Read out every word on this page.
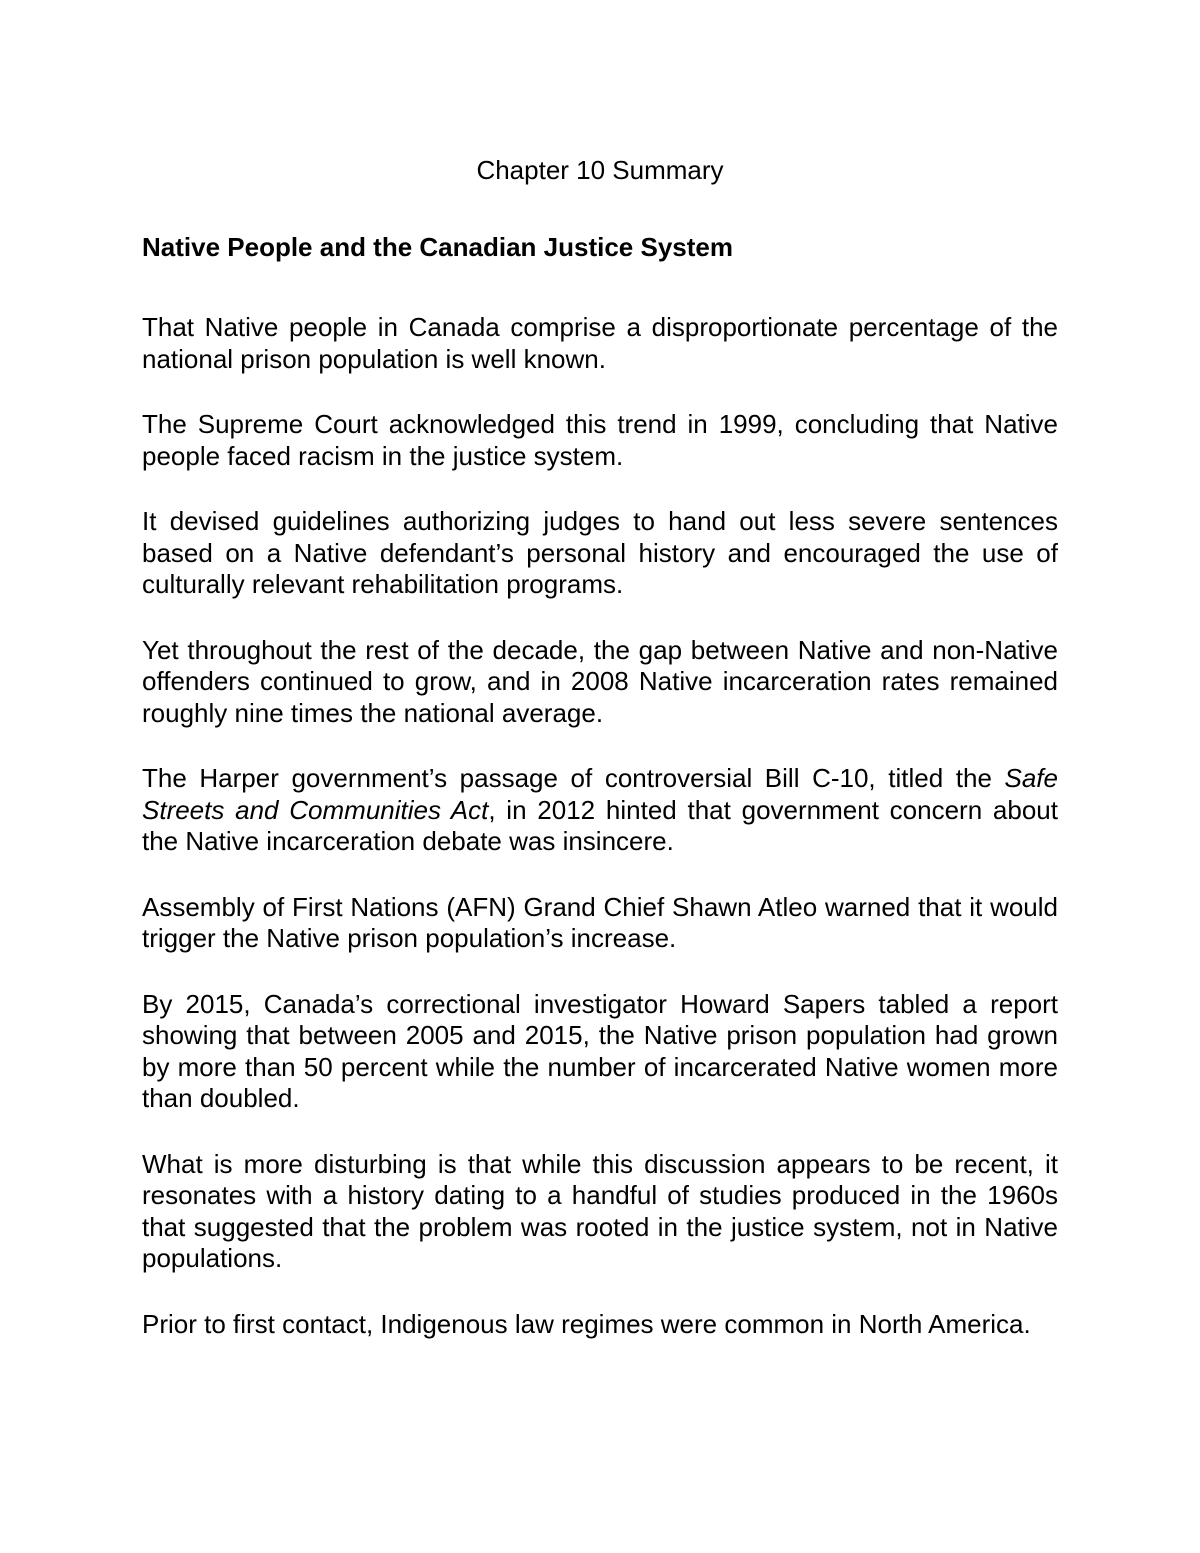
Chapter 10 Summary
Native People and the Canadian Justice System

That Native people in Canada comprise a disproportionate percentage of the national prison population is well known.

The Supreme Court acknowledged this trend in 1999, concluding that Native people faced racism in the justice system.

It devised guidelines authorizing judges to hand out less severe sentences based on a Native defendant’s personal history and encouraged the use of culturally relevant rehabilitation programs.

Yet throughout the rest of the decade, the gap between Native and non-Native offenders continued to grow, and in 2008 Native incarceration rates remained roughly nine times the national average.

The Harper government’s passage of controversial Bill C-10, titled the Safe Streets and Communities Act, in 2012 hinted that government concern about the Native incarceration debate was insincere.

Assembly of First Nations (AFN) Grand Chief Shawn Atleo warned that it would trigger the Native prison population’s increase.

By 2015, Canada’s correctional investigator Howard Sapers tabled a report showing that between 2005 and 2015, the Native prison population had grown by more than 50 percent while the number of incarcerated Native women more than doubled.

What is more disturbing is that while this discussion appears to be recent, it resonates with a history dating to a handful of studies produced in the 1960s that suggested that the problem was rooted in the justice system, not in Native populations.

Prior to first contact, Indigenous law regimes were common in North America.
